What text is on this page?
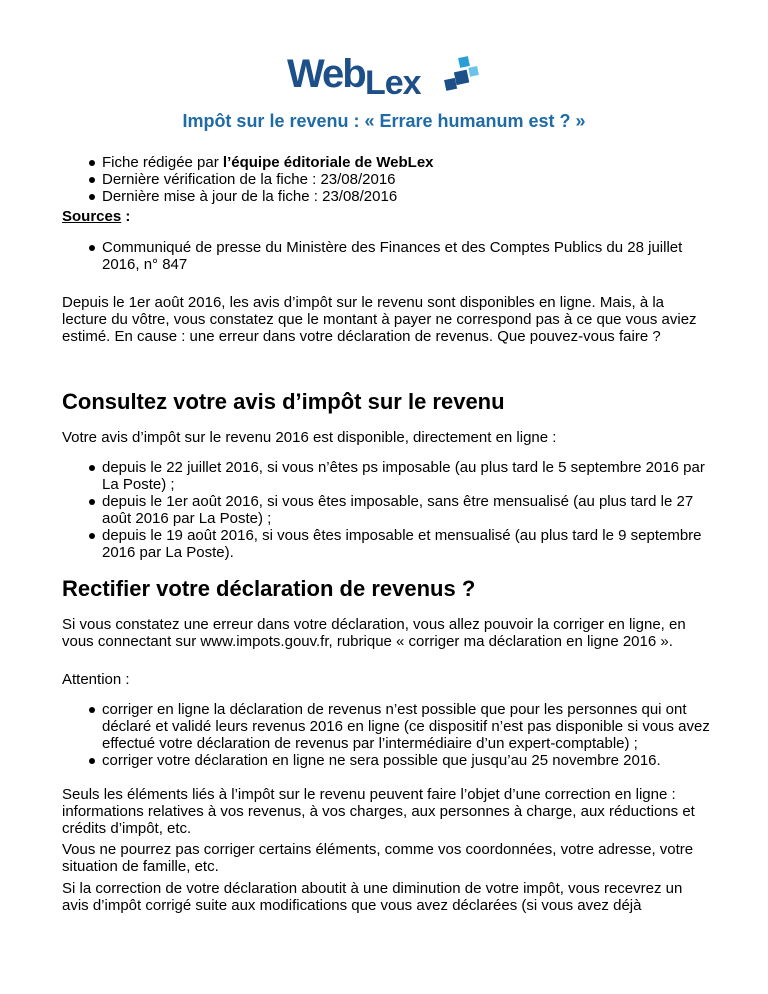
Web Lex
Impôt sur le revenu : « Errare humanum est ? »
Fiche rédigée par l’équipe éditoriale de WebLex
Dernière vérification de la fiche : 23/08/2016
Dernière mise à jour de la fiche : 23/08/2016

Sources :

Communiqué de presse du Ministère des Finances et des Comptes Publics du 28 juillet 2016, n° 847

Depuis le 1er août 2016, les avis d’impôt sur le revenu sont disponibles en ligne. Mais, à la lecture du vôtre, vous constatez que le montant à payer ne correspond pas à ce que vous aviez estimé. En cause : une erreur dans votre déclaration de revenus. Que pouvez-vous faire ?

Consultez votre avis d’impôt sur le revenu

Votre avis d’impôt sur le revenu 2016 est disponible, directement en ligne :

depuis le 22 juillet 2016, si vous n’êtes ps imposable (au plus tard le 5 septembre 2016 par La Poste) ;
depuis le 1er août 2016, si vous êtes imposable, sans être mensualisé (au plus tard le 27 août 2016 par La Poste) ;
depuis le 19 août 2016, si vous êtes imposable et mensualisé (au plus tard le 9 septembre 2016 par La Poste).
Rectifier votre déclaration de revenus ?

Si vous constatez une erreur dans votre déclaration, vous allez pouvoir la corriger en ligne, en vous connectant sur www.impots.gouv.fr, rubrique « corriger ma déclaration en ligne 2016 ».

Attention :

corriger en ligne la déclaration de revenus n’est possible que pour les personnes qui ont déclaré et validé leurs revenus 2016 en ligne (ce dispositif n’est pas disponible si vous avez effectué votre déclaration de revenus par l’intermédiaire d’un expert-comptable) ;
corriger votre déclaration en ligne ne sera possible que jusqu’au 25 novembre 2016.

Seuls les éléments liés à l’impôt sur le revenu peuvent faire l’objet d’une correction en ligne : informations relatives à vos revenus, à vos charges, aux personnes à charge, aux réductions et crédits d’impôt, etc.

Vous ne pourrez pas corriger certains éléments, comme vos coordonnées, votre adresse, votre situation de famille, etc.

Si la correction de votre déclaration aboutit à une diminution de votre impôt, vous recevrez un avis d’impôt corrigé suite aux modifications que vous avez déclarées (si vous avez déjà
